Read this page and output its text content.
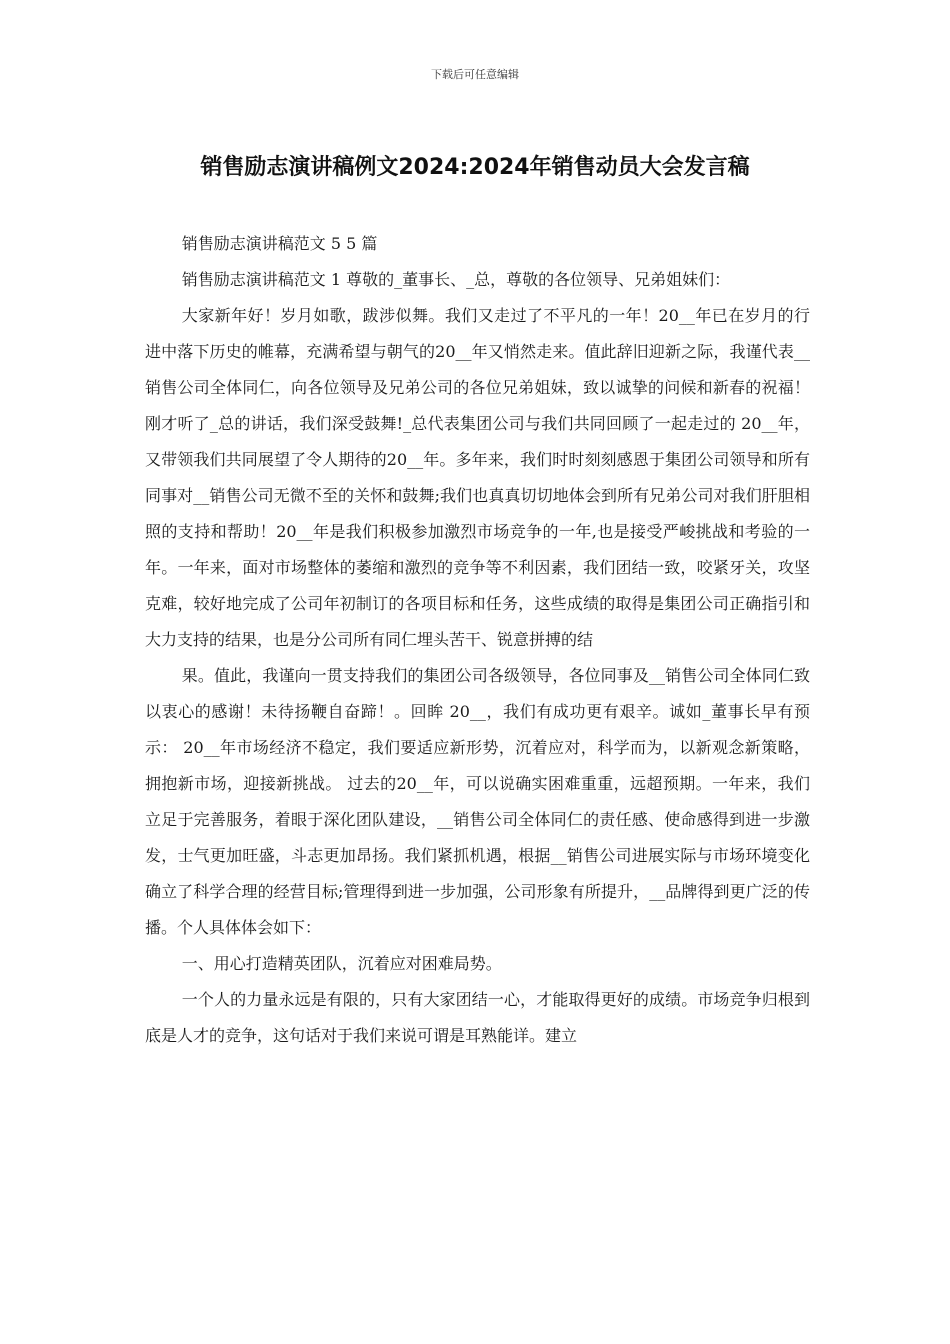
下载后可任意编辑
销售励志演讲稿例文2024:2024年销售动员大会发言稿

销售励志演讲稿范文 5 5 篇

销售励志演讲稿范文 1 尊敬的_董事长、_总，尊敬的各位领导、兄弟姐妹们：

大家新年好！岁月如歌，跋涉似舞。我们又走过了不平凡的一年！20__年已在岁月的行进中落下历史的帷幕，充满希望与朝气的20__年又悄然走来。值此辞旧迎新之际，我谨代表__销售公司全体同仁，向各位领导及兄弟公司的各位兄弟姐妹，致以诚挚的问候和新春的祝福！刚才听了_总的讲话，我们深受鼓舞!_总代表集团公司与我们共同回顾了一起走过的 20__年，又带领我们共同展望了令人期待的20__年。多年来，我们时时刻刻感恩于集团公司领导和所有同事对__销售公司无微不至的关怀和鼓舞;我们也真真切切地体会到所有兄弟公司对我们肝胆相照的支持和帮助！20__年是我们积极参加激烈市场竞争的一年,也是接受严峻挑战和考验的一年。一年来，面对市场整体的萎缩和激烈的竞争等不利因素，我们团结一致，咬紧牙关，攻坚克难，较好地完成了公司年初制订的各项目标和任务，这些成绩的取得是集团公司正确指引和大力支持的结果，也是分公司所有同仁埋头苦干、锐意拼搏的结

果。值此，我谨向一贯支持我们的集团公司各级领导，各位同事及__销售公司全体同仁致以衷心的感谢！未待扬鞭自奋蹄！。回眸 20__，我们有成功更有艰辛。诚如_董事长早有预示： 20__年市场经济不稳定，我们要适应新形势，沉着应对，科学而为，以新观念新策略，拥抱新市场，迎接新挑战。 过去的20__年，可以说确实困难重重，远超预期。一年来，我们立足于完善服务，着眼于深化团队建设，__销售公司全体同仁的责任感、使命感得到进一步激发，士气更加旺盛，斗志更加昂扬。我们紧抓机遇，根据__销售公司进展实际与市场环境变化确立了科学合理的经营目标;管理得到进一步加强，公司形象有所提升，__品牌得到更广泛的传播。个人具体体会如下：

一、用心打造精英团队，沉着应对困难局势。

一个人的力量永远是有限的，只有大家团结一心，才能取得更好的成绩。市场竞争归根到底是人才的竞争，这句话对于我们来说可谓是耳熟能详。建立
